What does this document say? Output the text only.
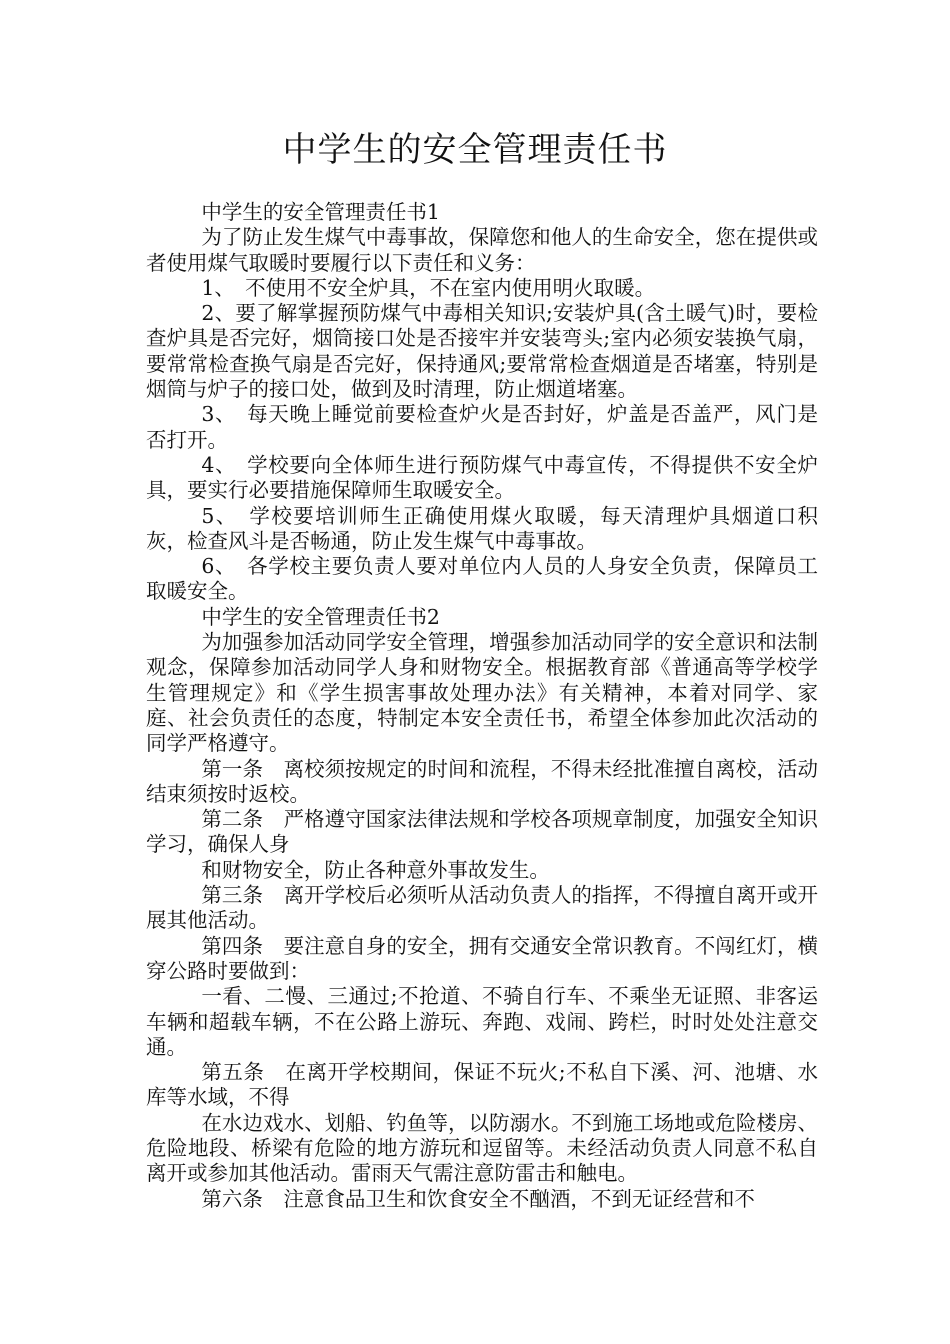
中学生的安全管理责任书

中学生的安全管理责任书1

为了防止发生煤气中毒事故，保障您和他人的生命安全，您在提供或者使用煤气取暖时要履行以下责任和义务：

1、　不使用不安全炉具，不在室内使用明火取暖。

2、要了解掌握预防煤气中毒相关知识;安装炉具(含土暖气)时，要检查炉具是否完好，烟筒接口处是否接牢并安装弯头;室内必须安装换气扇，要常常检查换气扇是否完好，保持通风;要常常检查烟道是否堵塞，特别是烟筒与炉子的接口处，做到及时清理，防止烟道堵塞。

3、　每天晚上睡觉前要检查炉火是否封好，炉盖是否盖严，风门是否打开。

4、　学校要向全体师生进行预防煤气中毒宣传，不得提供不安全炉具，要实行必要措施保障师生取暖安全。

5、　学校要培训师生正确使用煤火取暖，每天清理炉具烟道口积灰，检查风斗是否畅通，防止发生煤气中毒事故。

6、　各学校主要负责人要对单位内人员的人身安全负责，保障员工取暖安全。

中学生的安全管理责任书2

为加强参加活动同学安全管理，增强参加活动同学的安全意识和法制观念，保障参加活动同学人身和财物安全。根据教育部《普通高等学校学生管理规定》和《学生损害事故处理办法》有关精神，本着对同学、家庭、社会负责任的态度，特制定本安全责任书，希望全体参加此次活动的同学严格遵守。

第一条　离校须按规定的时间和流程，不得未经批准擅自离校，活动结束须按时返校。

第二条　严格遵守国家法律法规和学校各项规章制度，加强安全知识学习，确保人身

和财物安全，防止各种意外事故发生。

第三条　离开学校后必须听从活动负责人的指挥，不得擅自离开或开展其他活动。

第四条　要注意自身的安全，拥有交通安全常识教育。不闯红灯，横穿公路时要做到：

一看、二慢、三通过;不抢道、不骑自行车、不乘坐无证照、非客运车辆和超载车辆，不在公路上游玩、奔跑、戏闹、跨栏，时时处处注意交通。

第五条　在离开学校期间，保证不玩火;不私自下溪、河、池塘、水库等水域，不得

在水边戏水、划船、钓鱼等，以防溺水。不到施工场地或危险楼房、危险地段、桥梁有危险的地方游玩和逗留等。未经活动负责人同意不私自离开或参加其他活动。雷雨天气需注意防雷击和触电。

第六条　注意食品卫生和饮食安全不酗酒，不到无证经营和不
